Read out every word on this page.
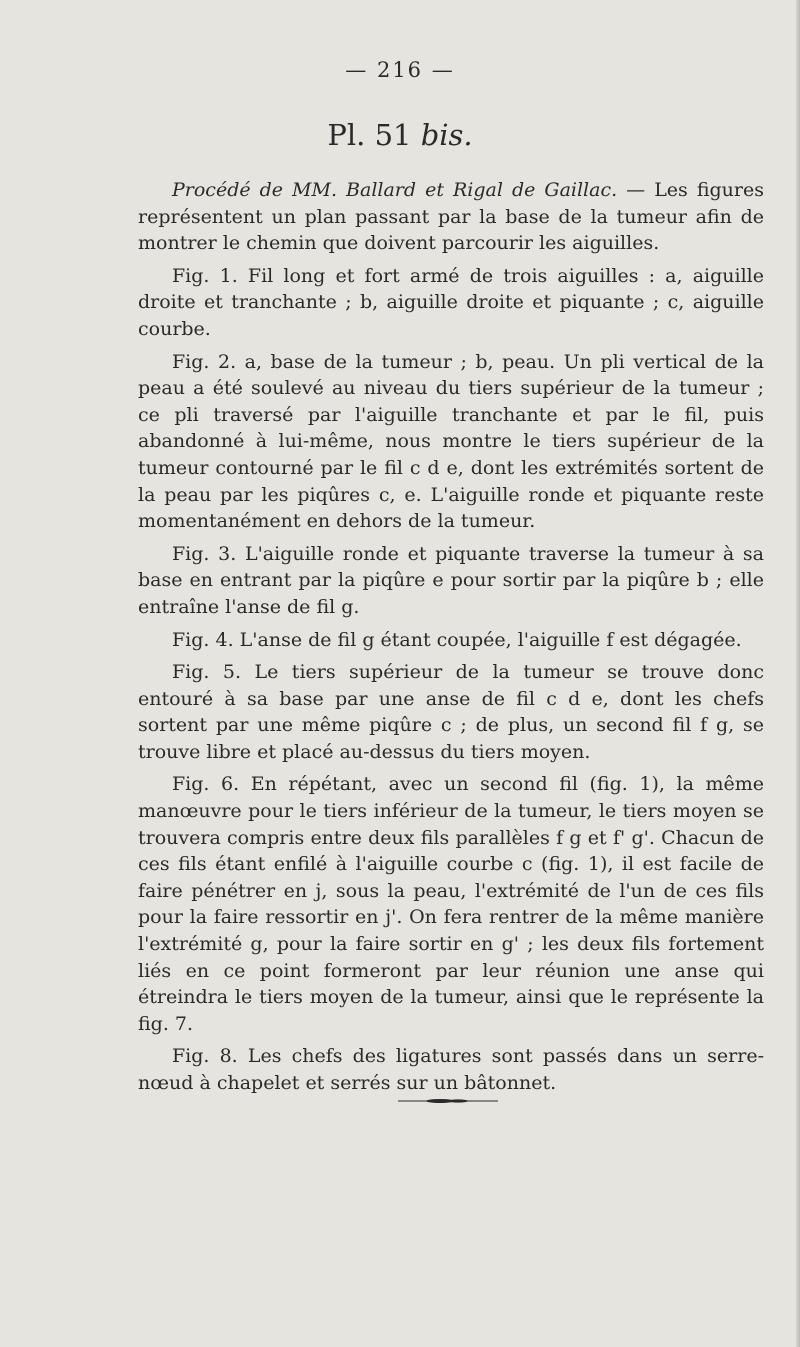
— 216 —
Pl. 51 bis.

Procédé de MM. Ballard et Rigal de Gaillac. — Les figures représentent un plan passant par la base de la tumeur afin de montrer le chemin que doivent parcourir les aiguilles.

Fig. 1. Fil long et fort armé de trois aiguilles : a, aiguille droite et tranchante ; b, aiguille droite et piquante ; c, aiguille courbe.

Fig. 2. a, base de la tumeur ; b, peau. Un pli vertical de la peau a été soulevé au niveau du tiers supérieur de la tumeur ; ce pli traversé par l'aiguille tranchante et par le fil, puis abandonné à lui-même, nous montre le tiers supérieur de la tumeur contourné par le fil c d e, dont les extrémités sortent de la peau par les piqûres c, e. L'aiguille ronde et piquante reste momentanément en dehors de la tumeur.

Fig. 3. L'aiguille ronde et piquante traverse la tumeur à sa base en entrant par la piqûre e pour sortir par la piqûre b ; elle entraîne l'anse de fil g.

Fig. 4. L'anse de fil g étant coupée, l'aiguille f est dégagée.

Fig. 5. Le tiers supérieur de la tumeur se trouve donc entouré à sa base par une anse de fil c d e, dont les chefs sortent par une même piqûre c ; de plus, un second fil f g, se trouve libre et placé au-dessus du tiers moyen.

Fig. 6. En répétant, avec un second fil (fig. 1), la même manœuvre pour le tiers inférieur de la tumeur, le tiers moyen se trouvera compris entre deux fils parallèles f g et f' g'. Chacun de ces fils étant enfilé à l'aiguille courbe c (fig. 1), il est facile de faire pénétrer en j, sous la peau, l'extrémité de l'un de ces fils pour la faire ressortir en j'. On fera rentrer de la même manière l'extrémité g, pour la faire sortir en g' ; les deux fils fortement liés en ce point formeront par leur réunion une anse qui étreindra le tiers moyen de la tumeur, ainsi que le représente la fig. 7.

Fig. 8. Les chefs des ligatures sont passés dans un serre-nœud à chapelet et serrés sur un bâtonnet.
